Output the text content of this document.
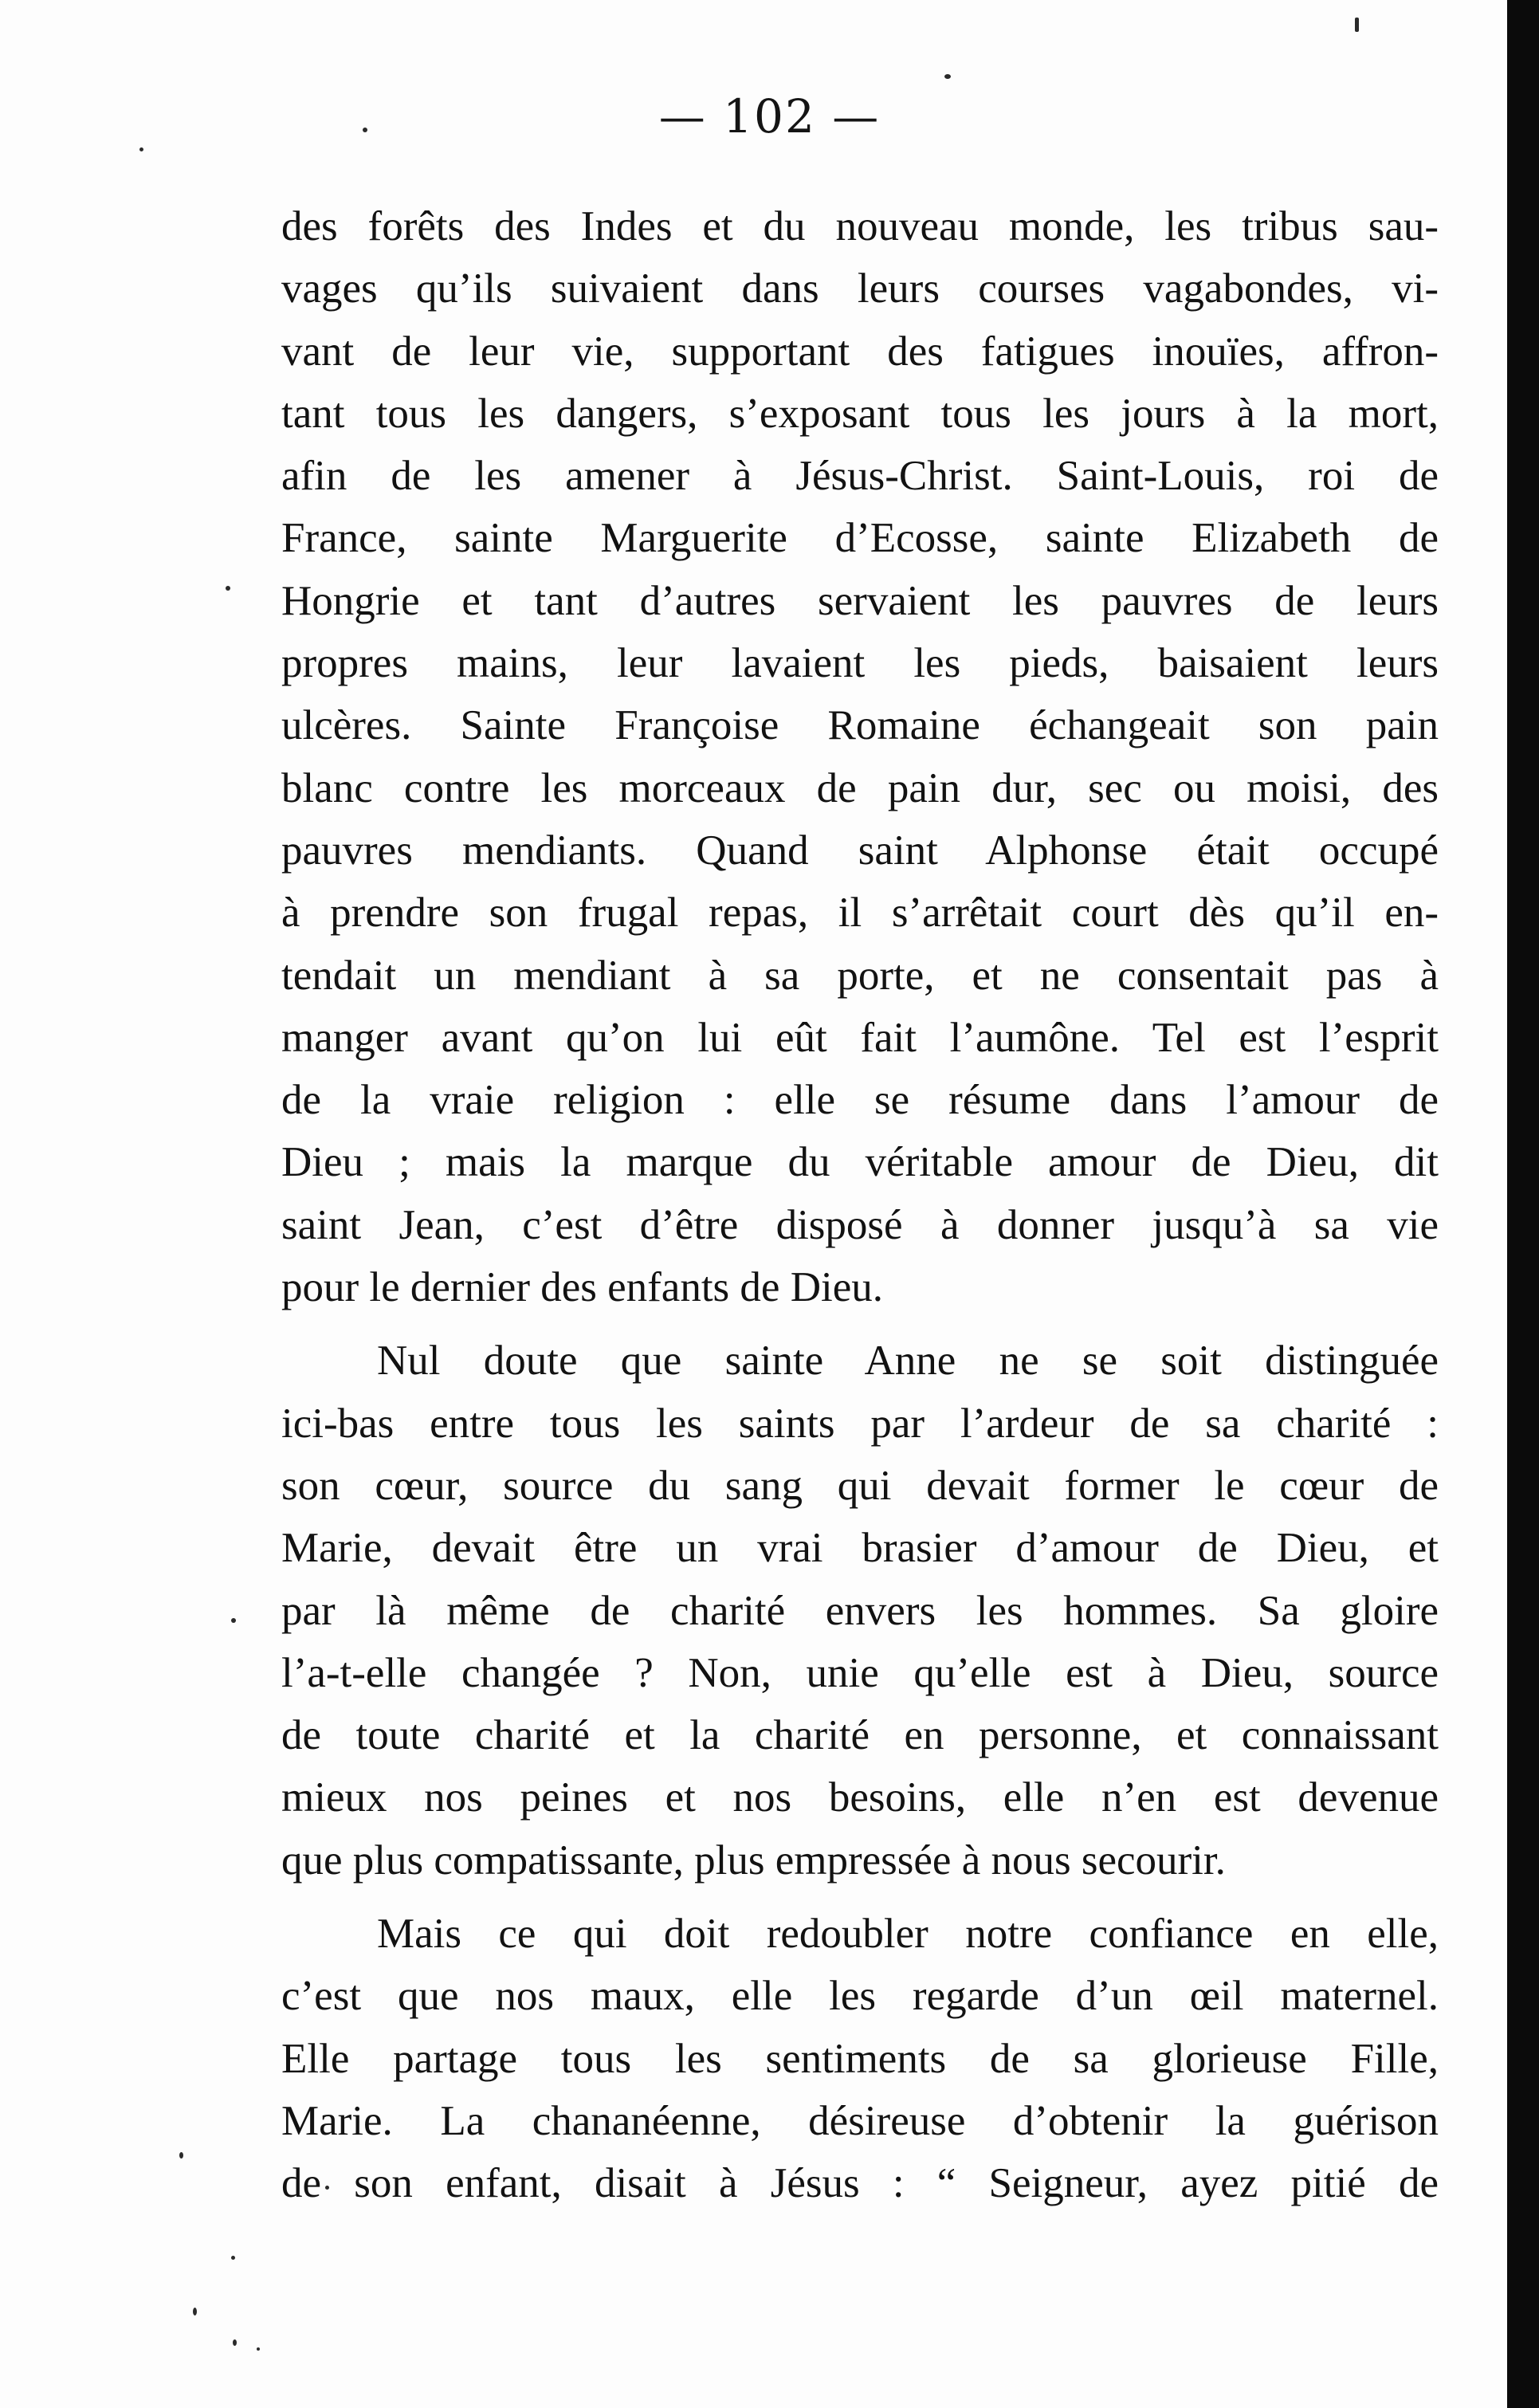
— 102 —
des forêts des Indes et du nouveau monde, les tribus sau-
vages qu’ils suivaient dans leurs courses vagabondes, vi-
vant de leur vie, supportant des fatigues inouïes, affron-
tant tous les dangers, s’exposant tous les jours à la mort,
afin de les amener à Jésus-Christ. Saint-Louis, roi de
France, sainte Marguerite d’Ecosse, sainte Elizabeth de
Hongrie et tant d’autres servaient les pauvres de leurs
propres mains, leur lavaient les pieds, baisaient leurs
ulcères. Sainte Françoise Romaine échangeait son pain
blanc contre les morceaux de pain dur, sec ou moisi, des
pauvres mendiants. Quand saint Alphonse était occupé
à prendre son frugal repas, il s’arrêtait court dès qu’il en-
tendait un mendiant à sa porte, et ne consentait pas à
manger avant qu’on lui eût fait l’aumône. Tel est l’esprit
de la vraie religion : elle se résume dans l’amour de
Dieu ; mais la marque du véritable amour de Dieu, dit
saint Jean, c’est d’être disposé à donner jusqu’à sa vie
pour le dernier des enfants de Dieu.
Nul doute que sainte Anne ne se soit distinguée
ici-bas entre tous les saints par l’ardeur de sa charité :
son cœur, source du sang qui devait former le cœur de
Marie, devait être un vrai brasier d’amour de Dieu, et
par là même de charité envers les hommes. Sa gloire
l’a-t-elle changée ? Non, unie qu’elle est à Dieu, source
de toute charité et la charité en personne, et connaissant
mieux nos peines et nos besoins, elle n’en est devenue
que plus compatissante, plus empressée à nous secourir.
Mais ce qui doit redoubler notre confiance en elle,
c’est que nos maux, elle les regarde d’un œil maternel.
Elle partage tous les sentiments de sa glorieuse Fille,
Marie. La chananéenne, désireuse d’obtenir la guérison
de son enfant, disait à Jésus : “ Seigneur, ayez pitié de
